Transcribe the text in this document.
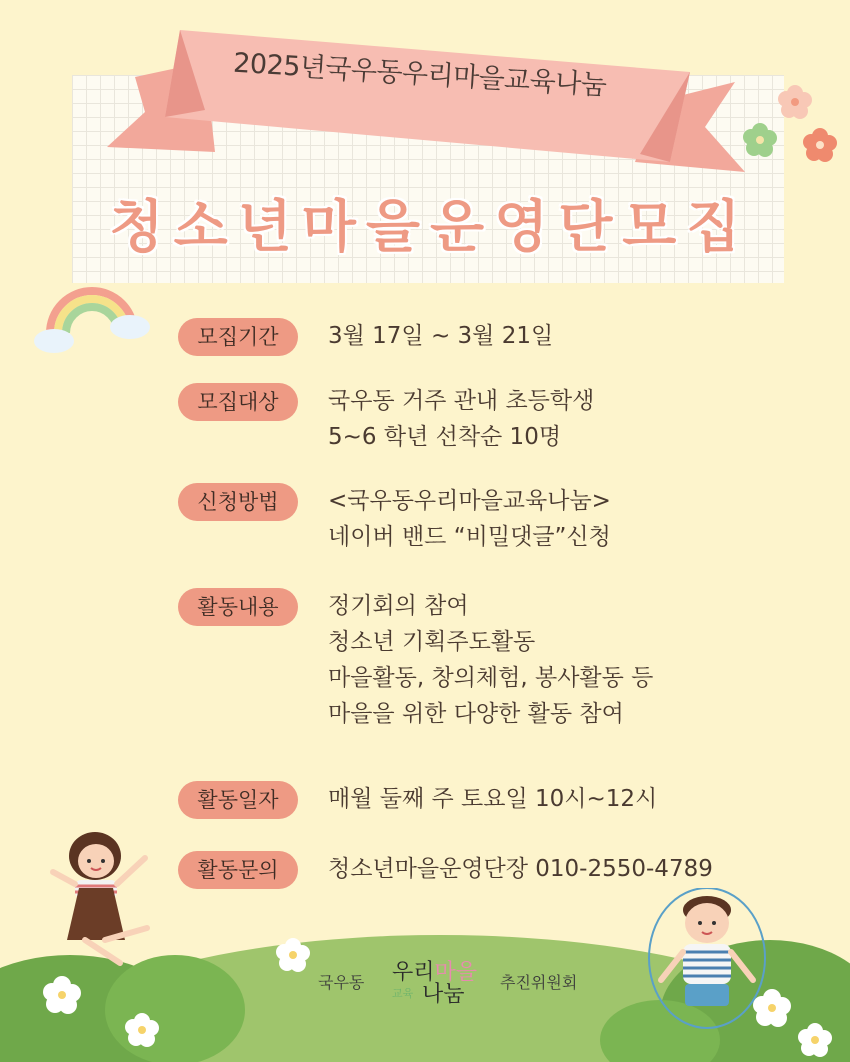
2025년국우동우리마을교육나눔
청소년마을운영단모집
모집기간	3월 17일 ~ 3월 21일
모집대상	국우동 거주 관내 초등학생
5~6 학년 선착순 10명
신청방법	<국우동우리마을교육나눔>
네이버 밴드 “비밀댓글”신청
활동내용	정기회의 참여
청소년 기획주도활동
마을활동, 창의체험, 봉사활동 등
마을을 위한 다양한 활동 참여
활동일자	매월 둘째 주 토요일 10시~12시
활동문의	청소년마을운영단장 010-2550-4789
국우동 우리마을
교육 나눔 추진위원회
